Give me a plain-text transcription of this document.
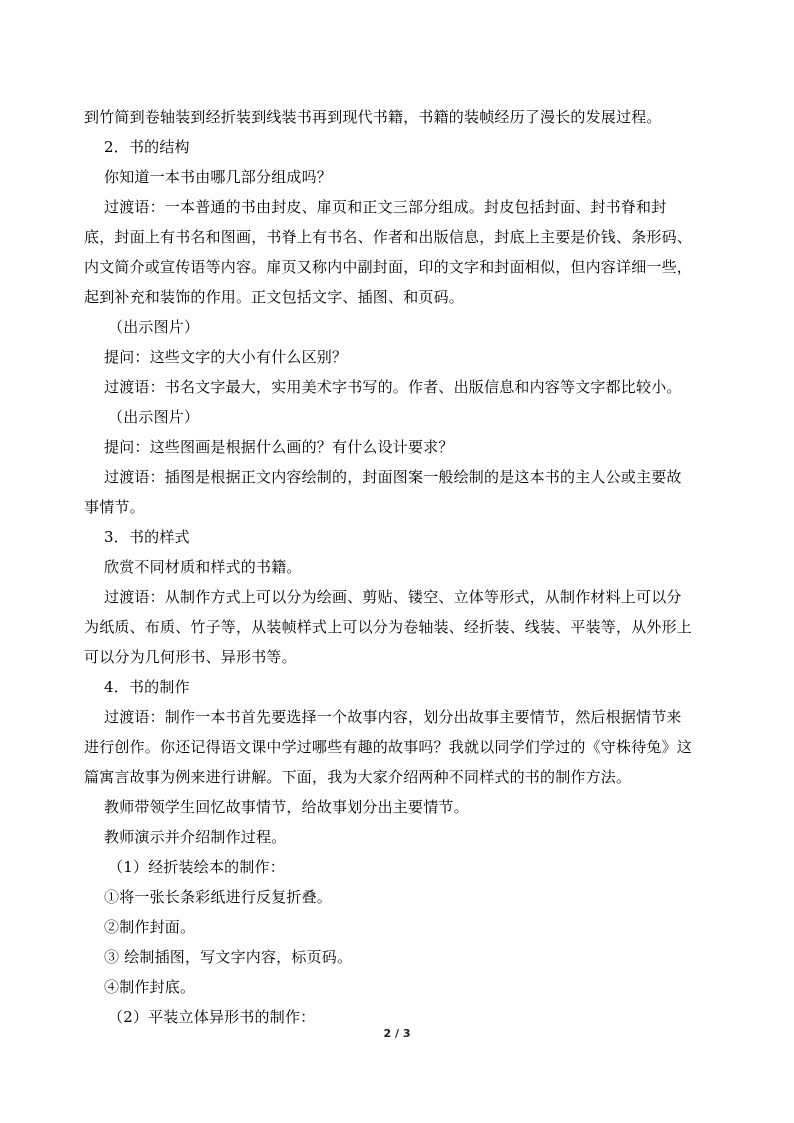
到竹简到卷轴装到经折装到线装书再到现代书籍，书籍的装帧经历了漫长的发展过程。
2．书的结构
你知道一本书由哪几部分组成吗？
过渡语：一本普通的书由封皮、扉页和正文三部分组成。封皮包括封面、封书脊和封
底，封面上有书名和图画，书脊上有书名、作者和出版信息，封底上主要是价钱、条形码、
内文简介或宣传语等内容。扉页又称内中副封面，印的文字和封面相似，但内容详细一些，
起到补充和装饰的作用。正文包括文字、插图、和页码。
（出示图片）
提问：这些文字的大小有什么区别？
过渡语：书名文字最大，实用美术字书写的。作者、出版信息和内容等文字都比较小。
（出示图片）
提问：这些图画是根据什么画的？有什么设计要求？
过渡语：插图是根据正文内容绘制的，封面图案一般绘制的是这本书的主人公或主要故
事情节。
3．书的样式
欣赏不同材质和样式的书籍。
过渡语：从制作方式上可以分为绘画、剪贴、镂空、立体等形式，从制作材料上可以分
为纸质、布质、竹子等，从装帧样式上可以分为卷轴装、经折装、线装、平装等，从外形上
可以分为几何形书、异形书等。
4．书的制作
过渡语：制作一本书首先要选择一个故事内容，划分出故事主要情节，然后根据情节来
进行创作。你还记得语文课中学过哪些有趣的故事吗？我就以同学们学过的《守株待兔》这
篇寓言故事为例来进行讲解。下面，我为大家介绍两种不同样式的书的制作方法。
教师带领学生回忆故事情节，给故事划分出主要情节。
教师演示并介绍制作过程。
（1）经折装绘本的制作：
①将一张长条彩纸进行反复折叠。
②制作封面。
③ 绘制插图，写文字内容，标页码。
④制作封底。
（2）平装立体异形书的制作：
2 / 3
